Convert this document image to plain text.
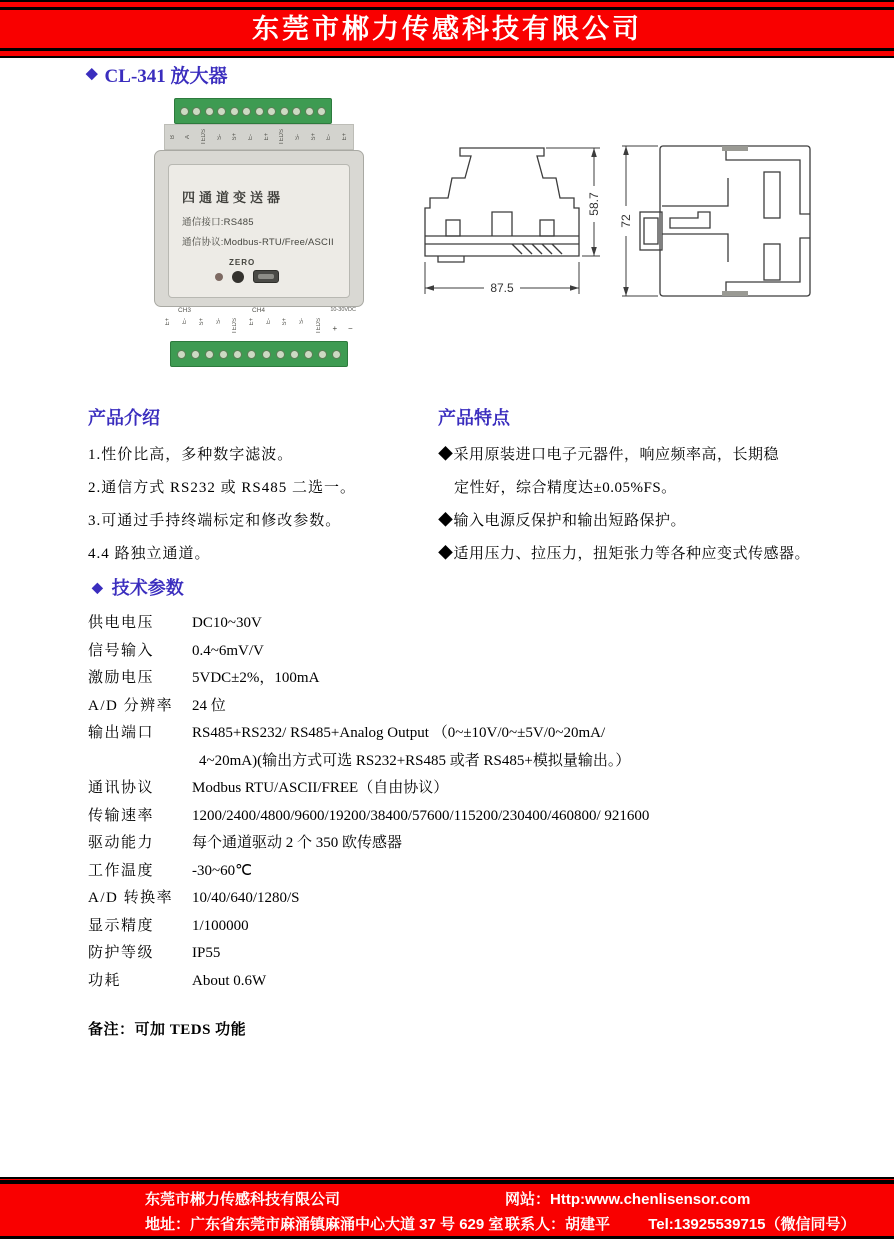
东莞市郴力传感科技有限公司
◆ CL-341 放大器
B A TEDS S- S+ E- E+ TEDS S- S+ E- E+
四通道变送器
通信接口:RS485
通信协议:Modbus-RTU/Free/ASCII
ZERO
CH3	CH4	10-30VDC
E+ E- S+ S- TEDS E+ E- S+ S- TEDS + −
87.5
58.7
72
产品介绍
1.性价比高，多种数字滤波。
2.通信方式 RS232 或 RS485 二选一。
3.可通过手持终端标定和修改参数。
4.4 路独立通道。
产品特点
◆采用原装进口电子元器件，响应频率高，长期稳
定性好，综合精度达±0.05%FS。
◆输入电源反保护和输出短路保护。
◆适用压力、拉压力，扭矩张力等各种应变式传感器。
◆ 技术参数
供电电压	DC10~30V
信号输入	0.4~6mV/V
激励电压	5VDC±2%，100mA
A/D 分辨率	24 位
输出端口	RS485+RS232/ RS485+Analog Output （0~±10V/0~±5V/0~20mA/
4~20mA)(输出方式可选 RS232+RS485 或者 RS485+模拟量输出。）
通讯协议	Modbus RTU/ASCII/FREE（自由协议）
传输速率	1200/2400/4800/9600/19200/38400/57600/115200/230400/460800/ 921600
驱动能力	每个通道驱动 2 个 350 欧传感器
工作温度	-30~60℃
A/D 转换率	10/40/640/1280/S
显示精度	1/100000
防护等级	IP55
功耗	About 0.6W
备注：可加 TEDS 功能
东莞市郴力传感科技有限公司
地址：广东省东莞市麻涌镇麻涌中心大道 37 号 629 室
网站：Http:www.chenlisensor.com
联系人：胡建平	Tel:13925539715（微信同号）
